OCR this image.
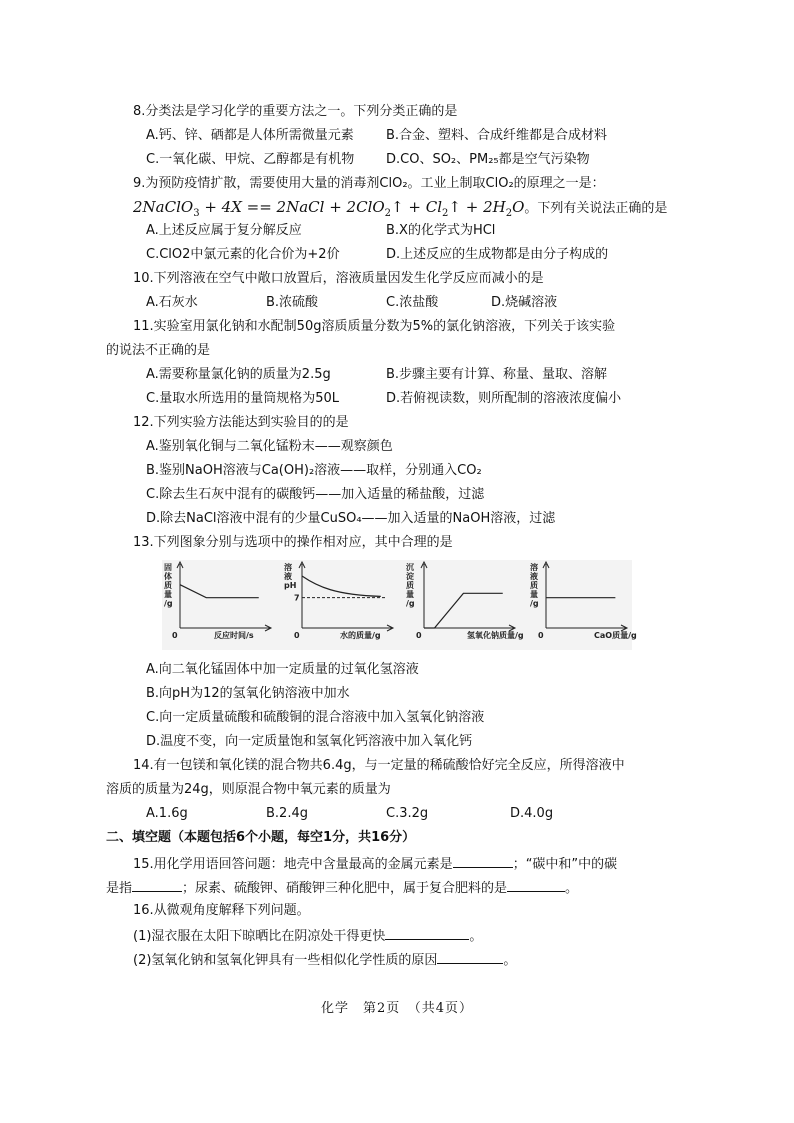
8.分类法是学习化学的重要方法之一。下列分类正确的是
A.钙、锌、硒都是人体所需微量元素 B.合金、塑料、合成纤维都是合成材料
C.一氧化碳、甲烷、乙醇都是有机物 D.CO、SO₂、PM₂₅都是空气污染物
9.为预防疫情扩散，需要使用大量的消毒剂ClO₂。工业上制取ClO₂的原理之一是：
2NaClO$_3$ + 4X == 2NaCl + 2ClO$_2$↑ + $Cl_2↑ + 2H_2O$。下列有关说法正确的是
A.上述反应属于复分解反应	B.X的化学式为HCl
C.ClO2中氯元素的化合价为+2价	D.上述反应的生成物都是由分子构成的
10.下列溶液在空气中敞口放置后，溶液质量因发生化学反应而减小的是
A.石灰水	B.浓硫酸	C.浓盐酸	D.烧碱溶液
11.实验室用氯化钠和水配制50g溶质质量分数为5%的氯化钠溶液，下列关于该实验
的说法不正确的是
A.需要称量氯化钠的质量为2.5g	B.步骤主要有计算、称量、量取、溶解
C.量取水所选用的量筒规格为50L	D.若俯视读数，则所配制的溶液浓度偏小
12.下列实验方法能达到实验目的的是
A.鉴别氧化铜与二氧化锰粉末——观察颜色
B.鉴别NaOH溶液与Ca(OH)₂溶液——取样，分别通入CO₂
C.除去生石灰中混有的碳酸钙——加入适量的稀盐酸，过滤
D.除去NaCl溶液中混有的少量CuSO₄——加入适量的NaOH溶液，过滤
13.下列图象分别与选项中的操作相对应，其中合理的是
固体质量/g
0	反应时间/s
溶液 pH
0	水的质量/g
7
沉淀质量/g
0	氢氧化钠质量/g
溶液质量/g
0	CaO质量/g
A.向二氧化锰固体中加一定质量的过氧化氢溶液
B.向pH为12的氢氧化钠溶液中加水
C.向一定质量硫酸和硫酸铜的混合溶液中加入氢氧化钠溶液
D.温度不变，向一定质量饱和氢氧化钙溶液中加入氧化钙
14.有一包镁和氧化镁的混合物共6.4g，与一定量的稀硫酸恰好完全反应，所得溶液中
溶质的质量为24g，则原混合物中氧元素的质量为
A.1.6g	B.2.4g	C.3.2g	D.4.0g
二、填空题（本题包括6个小题，每空1分，共16分）
15.用化学用语回答问题：地壳中含量最高的金属元素是	；“碳中和”中的碳
是指	；尿素、硫酸钾、硝酸钾三种化肥中，属于复合肥料的是	。
16.从微观角度解释下列问题。
(1)湿衣服在太阳下晾晒比在阴凉处干得更快	。
(2)氢氧化钠和氢氧化钾具有一些相似化学性质的原因	。
化学　第2页　（共4页）
